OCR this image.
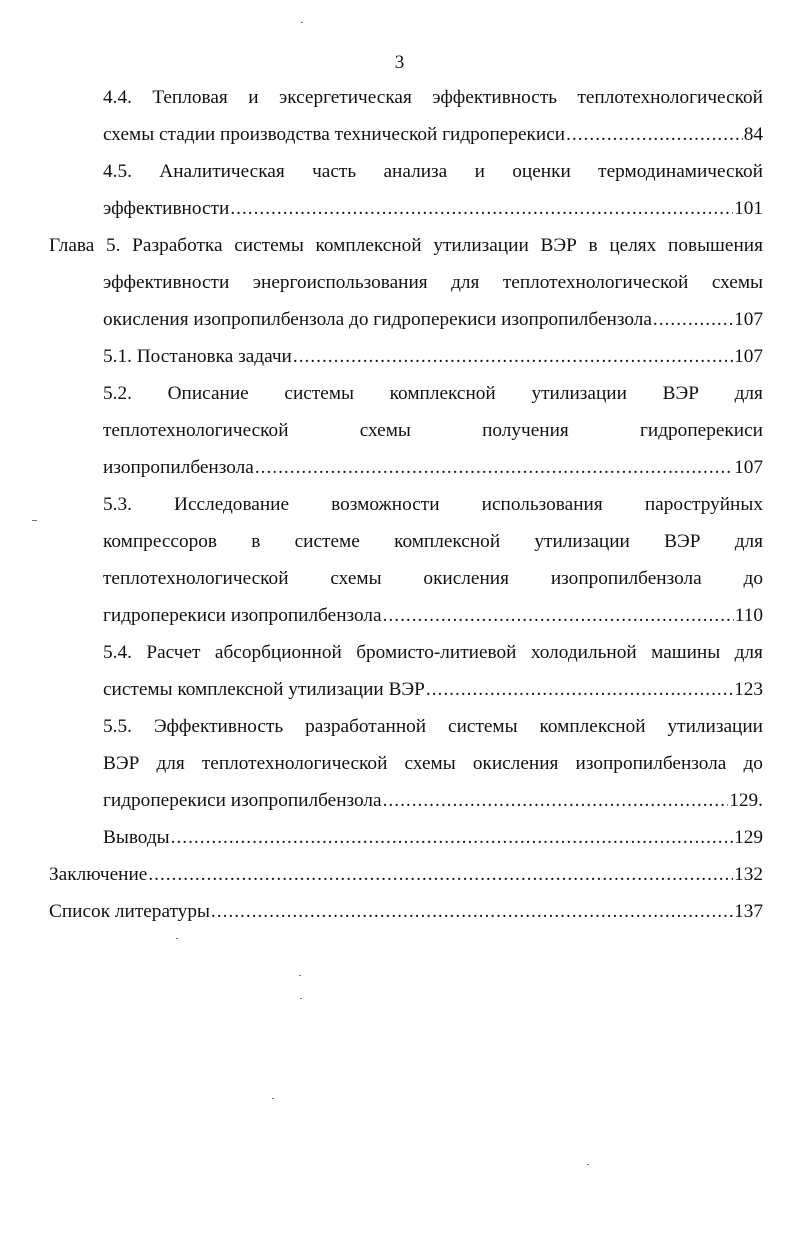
3
4.4. Тепловая и эксергетическая эффективность теплотехнологической
схемы стадии производства технической гидроперекиси .....	84
4.5. Аналитическая часть анализа и оценки термодинамической
эффективности .....	101
Глава 5. Разработка системы комплексной утилизации ВЭР в целях повышения
эффективности энергоиспользования для теплотехнологической схемы
окисления изопропилбензола до гидроперекиси изопропилбензола .....	107
5.1. Постановка задачи .....	107
5.2. Описание системы комплексной утилизации ВЭР для
теплотехнологической	схемы	получения	гидроперекиси
изопропилбензола .....	107
5.3. Исследование возможности использования пароструйных
компрессоров в системе комплексной утилизации ВЭР для
теплотехнологической схемы окисления изопропилбензола до
гидроперекиси изопропилбензола .....	110
5.4. Расчет абсорбционной бромисто-литиевой холодильной машины для
системы комплексной утилизации ВЭР .....	123
5.5. Эффективность разработанной системы комплексной утилизации
ВЭР для теплотехнологической схемы окисления изопропилбензола до
гидроперекиси изопропилбензола .....	129.
Выводы .....	129
Заключение .....	132
Список литературы .....	137
